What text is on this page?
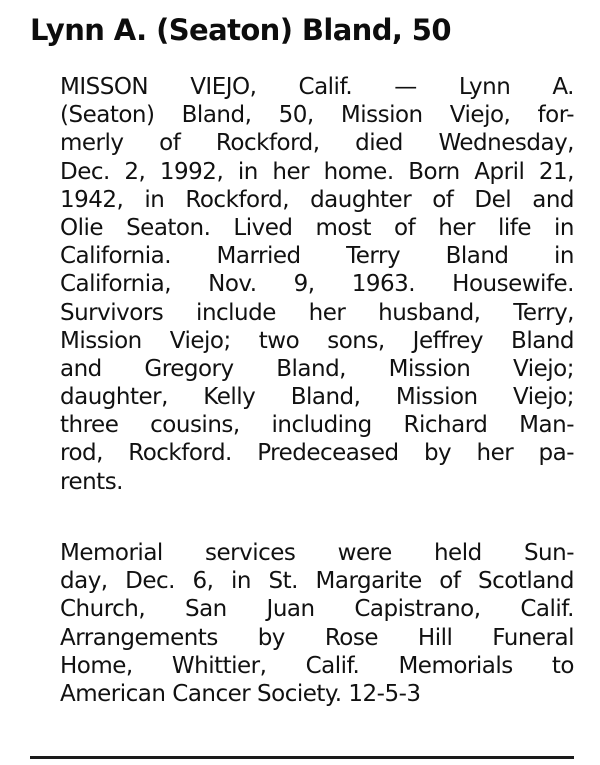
Lynn A. (Seaton) Bland, 50
MISSON VIEJO, Calif. — Lynn A.
(Seaton) Bland, 50, Mission Viejo, for-
merly of Rockford, died Wednesday,
Dec. 2, 1992, in her home. Born April 21,
1942, in Rockford, daughter of Del and
Olie Seaton. Lived most of her life in
California. Married Terry Bland in
California, Nov. 9, 1963. Housewife.
Survivors include her husband, Terry,
Mission Viejo; two sons, Jeffrey Bland
and Gregory Bland, Mission Viejo;
daughter, Kelly Bland, Mission Viejo;
three cousins, including Richard Man-
rod, Rockford. Predeceased by her pa-
rents.
Memorial services were held Sun-
day, Dec. 6, in St. Margarite of Scotland
Church, San Juan Capistrano, Calif.
Arrangements by Rose Hill Funeral
Home, Whittier, Calif. Memorials to
American Cancer Society. 12-5-3
